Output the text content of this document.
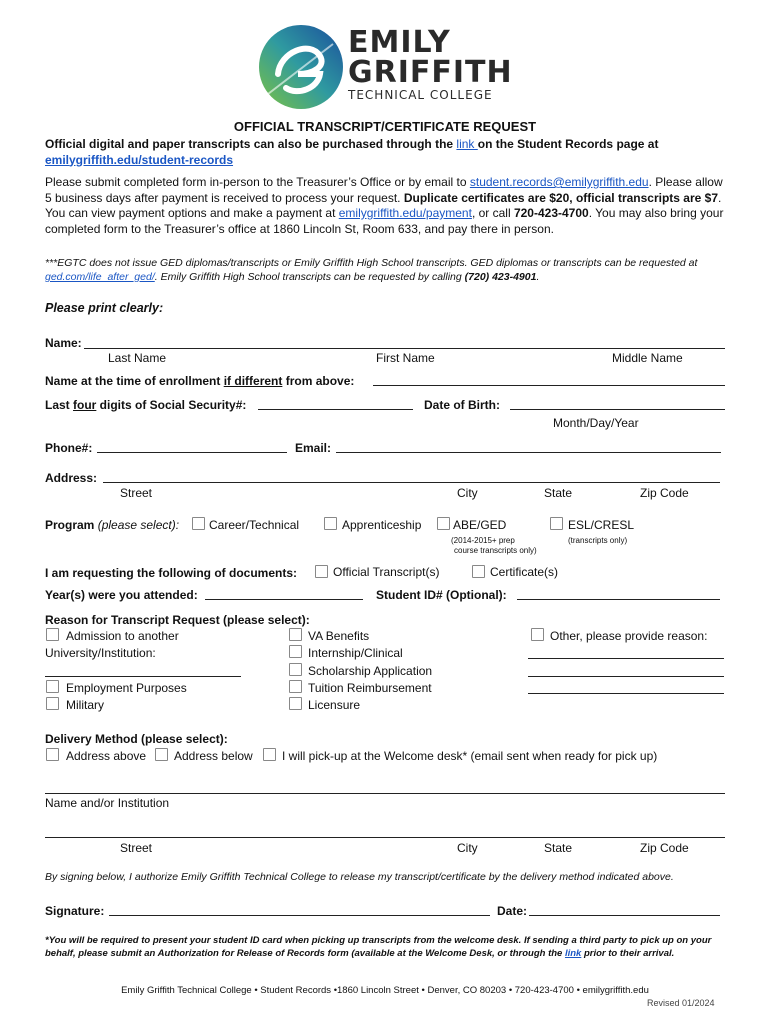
EMILY
GRIFFITH
TECHNICAL COLLEGE
OFFICIAL TRANSCRIPT/CERTIFICATE REQUEST

Official digital and paper transcripts can also be purchased through the link on the Student Records page at
emilygriffith.edu/student-records

Please submit completed form in-person to the Treasurer’s Office or by email to student.records@emilygriffith.edu. Please allow 5 business days after payment is received to process your request. Duplicate certificates are $20, official transcripts are $7. You can view payment options and make a payment at emilygriffith.edu/payment, or call 720-423-4700. You may also bring your completed form to the Treasurer’s office at 1860 Lincoln St, Room 633, and pay there in person.

***EGTC does not issue GED diplomas/transcripts or Emily Griffith High School transcripts. GED diplomas or transcripts can be requested at ged.com/life_after_ged/. Emily Griffith High School transcripts can be requested by calling (720) 423-4901.

Please print clearly:
Name:
Last Name	First Name	Middle Name
Name at the time of enrollment if different from above:
Last four digits of Social Security#:	Date of Birth:
Month/Day/Year
Phone#:	Email:
Address:
Street	City	State	Zip Code
Program (please select): Career/Technical	Apprenticeship	ABE/GED
(2014-2015+ prep
course transcripts only)
ESL/CRESL
(transcripts only)
I am requesting the following of documents:	Official Transcript(s)	Certificate(s)
Year(s) were you attended:	Student ID# (Optional):
Reason for Transcript Request (please select):
Admission to another
University/Institution:
Employment Purposes
Military
VA Benefits
Internship/Clinical
Scholarship Application
Tuition Reimbursement
Licensure
Other, please provide reason:
Delivery Method (please select):
Address above Address below I will pick-up at the Welcome desk* (email sent when ready for pick up)
Name and/or Institution
Street	City	State	Zip Code
By signing below, I authorize Emily Griffith Technical College to release my transcript/certificate by the delivery method indicated above.
Signature:	Date:

*You will be required to present your student ID card when picking up transcripts from the welcome desk. If sending a third party to pick up on your behalf, please submit an Authorization for Release of Records form (available at the Welcome Desk, or through the link prior to their arrival.

Emily Griffith Technical College • Student Records •1860 Lincoln Street • Denver, CO 80203 • 720-423-4700 • emilygriffith.edu
Revised 01/2024
